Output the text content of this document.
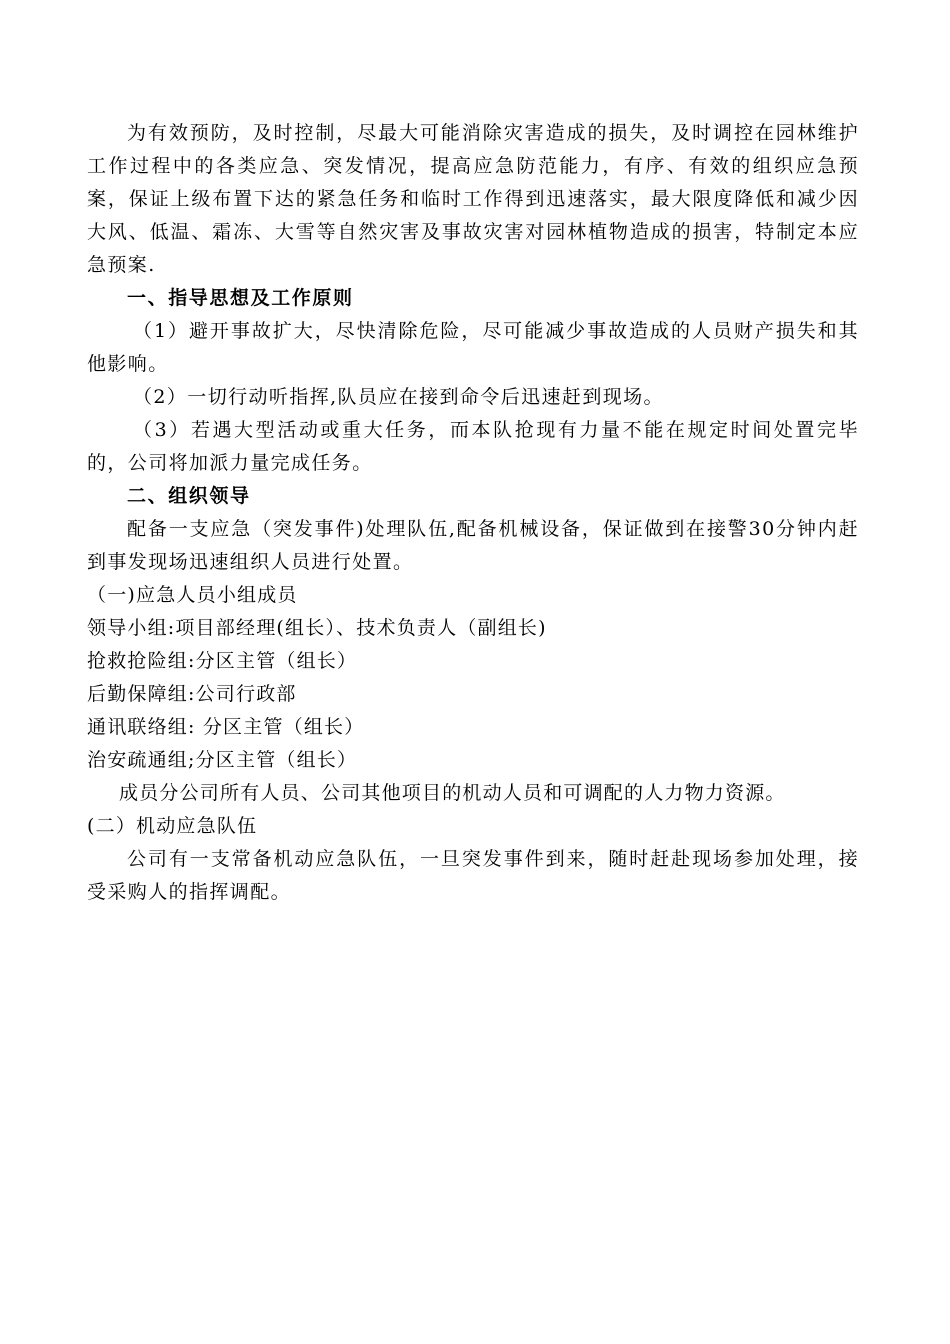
为有效预防，及时控制，尽最大可能消除灾害造成的损失，及时调控在园林维护工作过程中的各类应急、突发情况，提高应急防范能力，有序、有效的组织应急预案，保证上级布置下达的紧急任务和临时工作得到迅速落实，最大限度降低和减少因大风、低温、霜冻、大雪等自然灾害及事故灾害对园林植物造成的损害，特制定本应急预案.

一、指导思想及工作原则

（1）避开事故扩大，尽快清除危险，尽可能减少事故造成的人员财产损失和其他影响。

（2）一切行动听指挥,队员应在接到命令后迅速赶到现场。

（3）若遇大型活动或重大任务，而本队抢现有力量不能在规定时间处置完毕的，公司将加派力量完成任务。

二、组织领导

配备一支应急（突发事件)处理队伍,配备机械设备，保证做到在接警30分钟内赶到事发现场迅速组织人员进行处置。

（一)应急人员小组成员

领导小组:项目部经理(组长）、技术负责人（副组长)

抢救抢险组:分区主管（组长）

后勤保障组:公司行政部

通讯联络组: 分区主管（组长）

治安疏通组;分区主管（组长）

成员分公司所有人员、公司其他项目的机动人员和可调配的人力物力资源。

(二）机动应急队伍

公司有一支常备机动应急队伍，一旦突发事件到来，随时赶赴现场参加处理，接受采购人的指挥调配。
